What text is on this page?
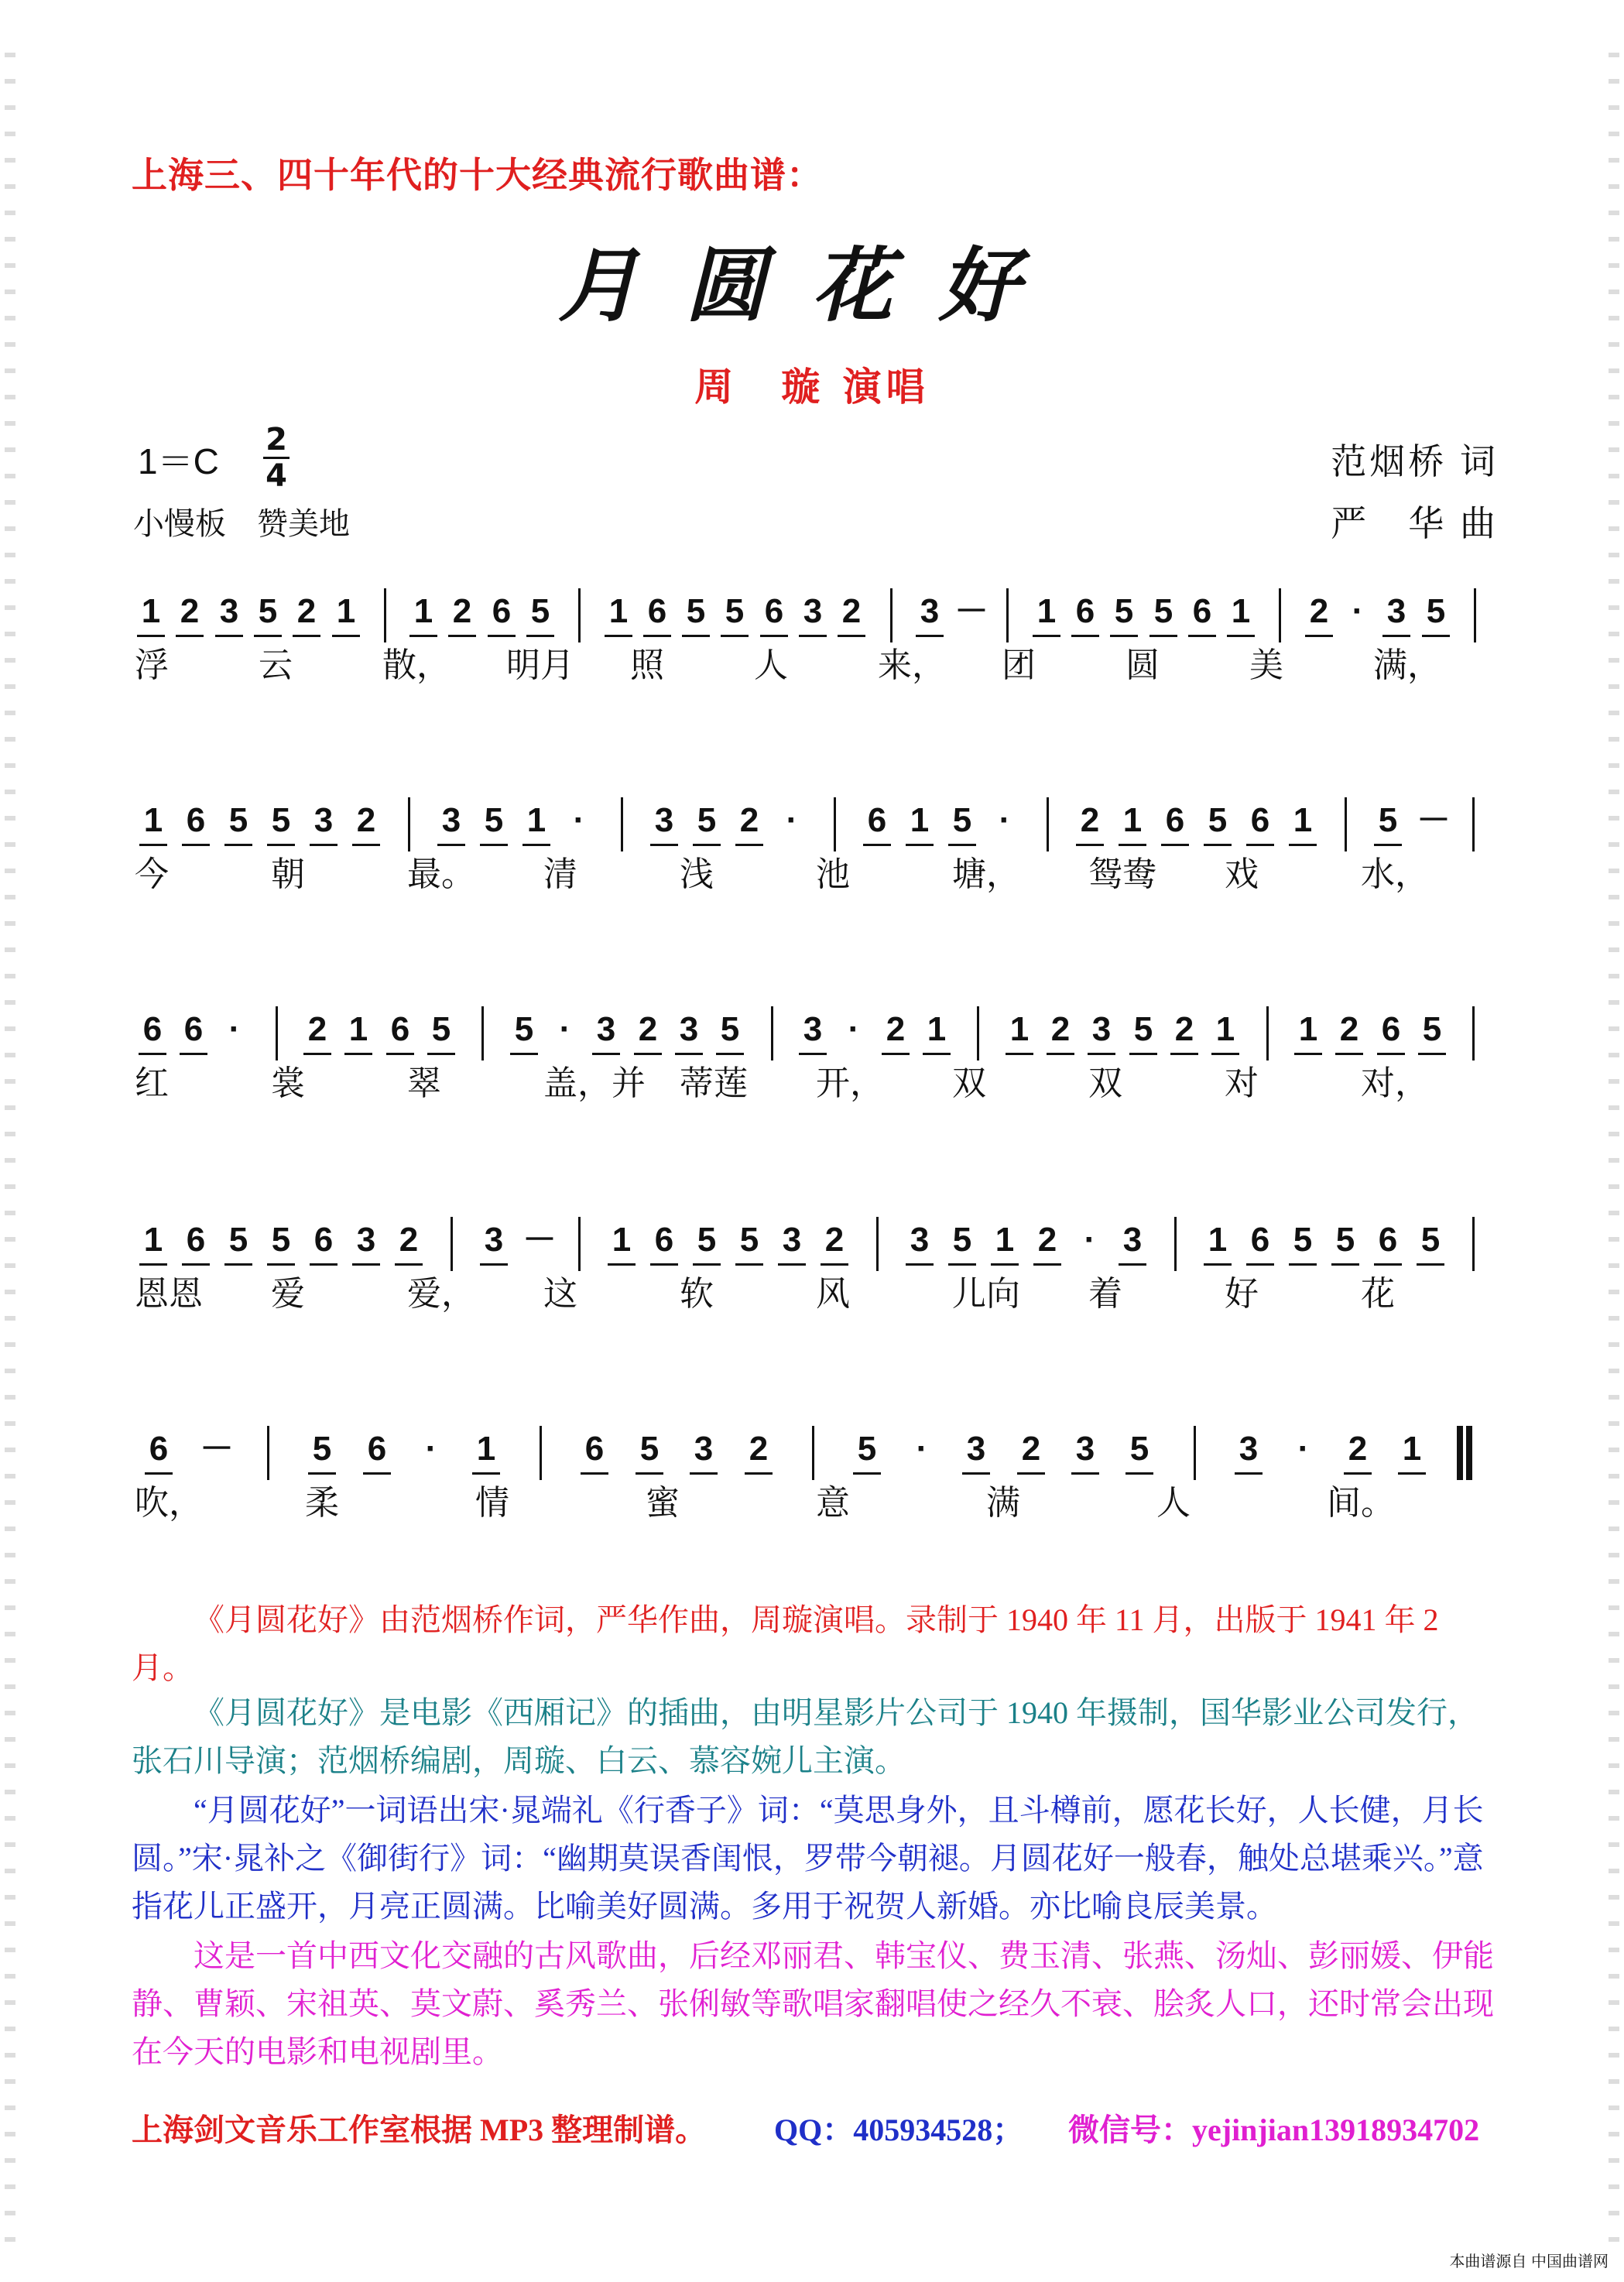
上海三、四十年代的十大经典流行歌曲谱：
月圆花好
周　璇 演唱
1＝C
2
4
小慢板　赞美地
范烟桥 词
严　华 曲
1 2 3 5 2 1 1 2 6 5 1 6 5 5 6 3 2 3 － 1 6 5 5 6 1 2 · 3 5
浮	云	散， 明月 照	人	来， 团	圆	美	满，
1 6 5 5 3 2 3 5 1 · 3 5 2 · 6 1 5 · 2 1 6 5 6 1 5 －
今	朝	最。 清	浅	池	塘， 鸳鸯 戏	水，
6 6 · 2 1 6 5 5 · 3 2 3 5 3 · 2 1 1 2 3 5 2 1 1 2 6 5
红	裳	翠	盖，并 蒂莲 开， 双	双	对	对，
1 6 5 5 6 3 2 3 － 1 6 5 5 3 2 3 5 1 2 · 3 1 6 5 5 6 5
恩恩 爱	爱， 这	软	风	儿向 着	好	花
6 － 5 6 · 1	6 5 3 2	5 · 3 2 3 5	3 · 2 1
吹，	柔	情	蜜	意	满	人	间。
《月圆花好》由范烟桥作词，严华作曲，周璇演唱。录制于 1940 年 11 月，出版于 1941 年 2 月。
《月圆花好》是电影《西厢记》的插曲，由明星影片公司于 1940 年摄制，国华影业公司发行，张石川导演；范烟桥编剧，周璇、白云、慕容婉儿主演。
“月圆花好”一词语出宋·晁端礼《行香子》词：“莫思身外，且斗樽前，愿花长好，人长健，月长圆。”宋·晁补之《御街行》词：“幽期莫误香闺恨，罗带今朝褪。月圆花好一般春，触处总堪乘兴。”意指花儿正盛开，月亮正圆满。比喻美好圆满。多用于祝贺人新婚。亦比喻良辰美景。
这是一首中西文化交融的古风歌曲，后经邓丽君、韩宝仪、费玉清、张燕、汤灿、彭丽媛、伊能静、曹颖、宋祖英、莫文蔚、奚秀兰、张俐敏等歌唱家翻唱使之经久不衰、脍炙人口，还时常会出现在今天的电影和电视剧里。
上海剑文音乐工作室根据 MP3 整理制谱。 QQ：405934528； 微信号：yejinjian13918934702
本曲谱源自 中国曲谱网
